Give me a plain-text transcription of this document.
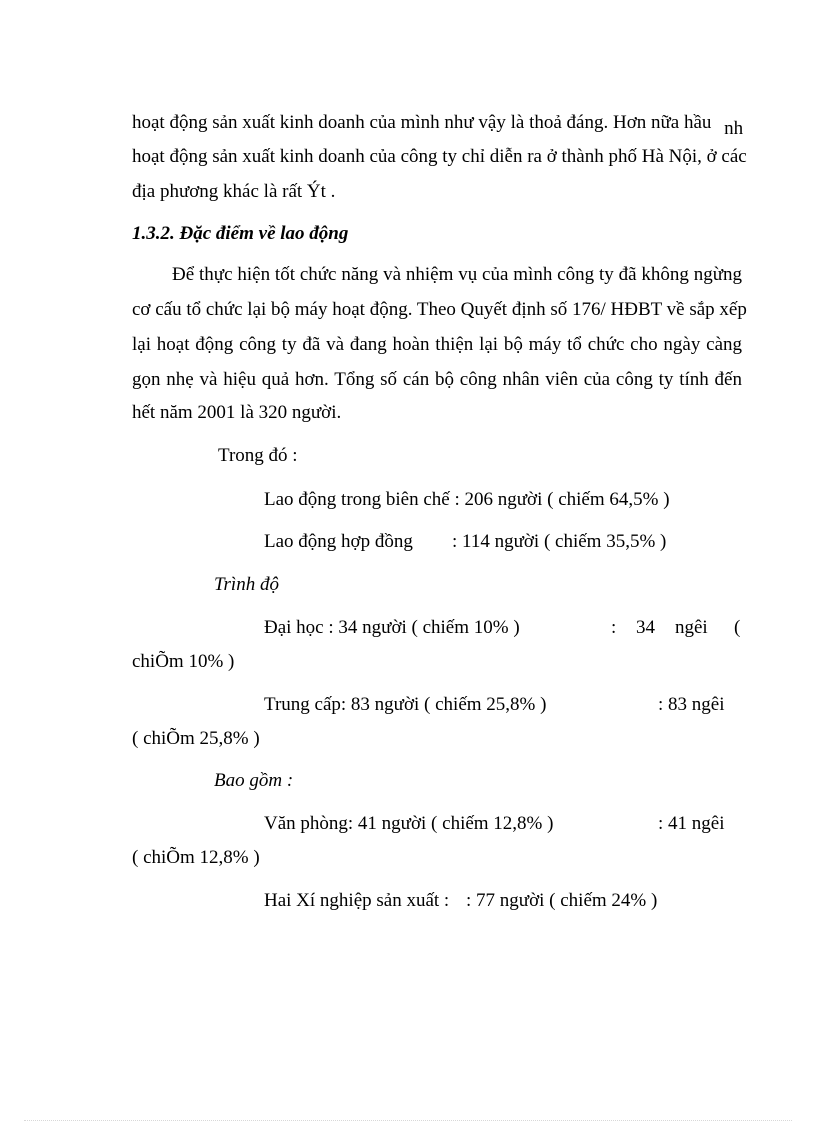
hoạt động sản xuất kinh doanh của mình như vậy là thoả đáng. Hơn nữa hầu nh
hoạt động sản xuất kinh doanh của công ty chỉ diễn ra ở thành phố Hà Nội, ở các
địa phương khác là rất Ýt .
1.3.2. Đặc điểm về lao động
Để thực hiện tốt chức năng và nhiệm vụ của mình công ty đã không ngừng
cơ cấu tổ chức lại bộ máy hoạt động. Theo Quyết định số 176/ HĐBT về sắp xếp
lại hoạt động công ty đã và đang hoàn thiện lại bộ máy tổ chức cho ngày càng
gọn nhẹ và hiệu quả hơn. Tổng số cán bộ công nhân viên của công ty tính đến
hết năm 2001 là 320 người.
Trong đó :
Lao động trong biên chế : 206 người ( chiếm 64,5% )
Lao động hợp đồng : 114 người ( chiếm 35,5% )
Trình độ
Đại học : 34 người ( chiếm 10% )	: 34 ngêi (
chiÕm 10% )
Trung cấp: 83 người ( chiếm 25,8% )	: 83 ngêi
( chiÕm 25,8% )
Bao gồm :
Văn phòng: 41 người ( chiếm 12,8% )	: 41 ngêi
( chiÕm 12,8% )
Hai Xí nghiệp sản xuất : : 77 người ( chiếm 24% )
